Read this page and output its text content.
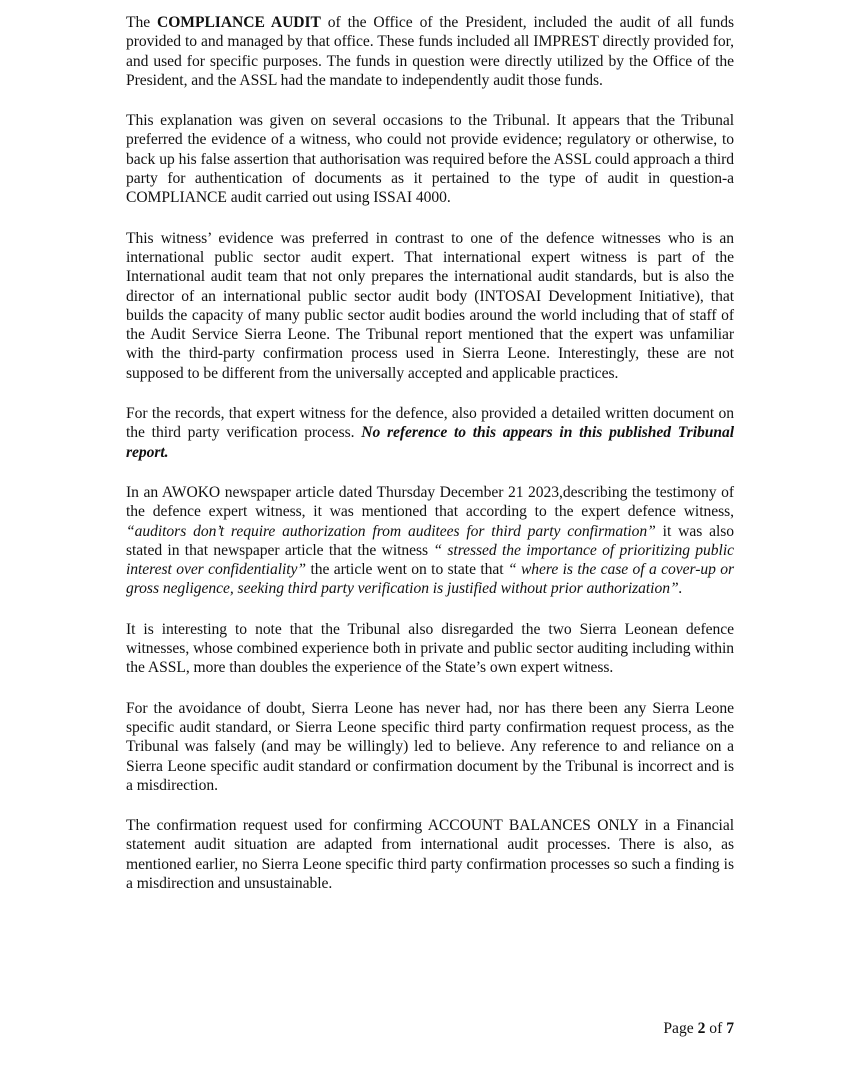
The COMPLIANCE AUDIT of the Office of the President, included the audit of all funds provided to and managed by that office. These funds included all IMPREST directly provided for, and used for specific purposes. The funds in question were directly utilized by the Office of the President, and the ASSL had the mandate to independently audit those funds.

This explanation was given on several occasions to the Tribunal. It appears that the Tribunal preferred the evidence of a witness, who could not provide evidence; regulatory or otherwise, to back up his false assertion that authorisation was required before the ASSL could approach a third party for authentication of documents as it pertained to the type of audit in question-a COMPLIANCE audit carried out using ISSAI 4000.

This witness’ evidence was preferred in contrast to one of the defence witnesses who is an international public sector audit expert. That international expert witness is part of the International audit team that not only prepares the international audit standards, but is also the director of an international public sector audit body (INTOSAI Development Initiative), that builds the capacity of many public sector audit bodies around the world including that of staff of the Audit Service Sierra Leone. The Tribunal report mentioned that the expert was unfamiliar with the third-party confirmation process used in Sierra Leone. Interestingly, these are not supposed to be different from the universally accepted and applicable practices.

For the records, that expert witness for the defence, also provided a detailed written document on the third party verification process. No reference to this appears in this published Tribunal report.

In an AWOKO newspaper article dated Thursday December 21 2023,describing the testimony of the defence expert witness, it was mentioned that according to the expert defence witness, “auditors don’t require authorization from auditees for third party confirmation” it was also stated in that newspaper article that the witness “ stressed the importance of prioritizing public interest over confidentiality” the article went on to state that “ where is the case of a cover-up or gross negligence, seeking third party verification is justified without prior authorization”.

It is interesting to note that the Tribunal also disregarded the two Sierra Leonean defence witnesses, whose combined experience both in private and public sector auditing including within the ASSL, more than doubles the experience of the State’s own expert witness.

For the avoidance of doubt, Sierra Leone has never had, nor has there been any Sierra Leone specific audit standard, or Sierra Leone specific third party confirmation request process, as the Tribunal was falsely (and may be willingly) led to believe. Any reference to and reliance on a Sierra Leone specific audit standard or confirmation document by the Tribunal is incorrect and is a misdirection.

The confirmation request used for confirming ACCOUNT BALANCES ONLY in a Financial statement audit situation are adapted from international audit processes. There is also, as mentioned earlier, no Sierra Leone specific third party confirmation processes so such a finding is a misdirection and unsustainable.

Page 2 of 7
